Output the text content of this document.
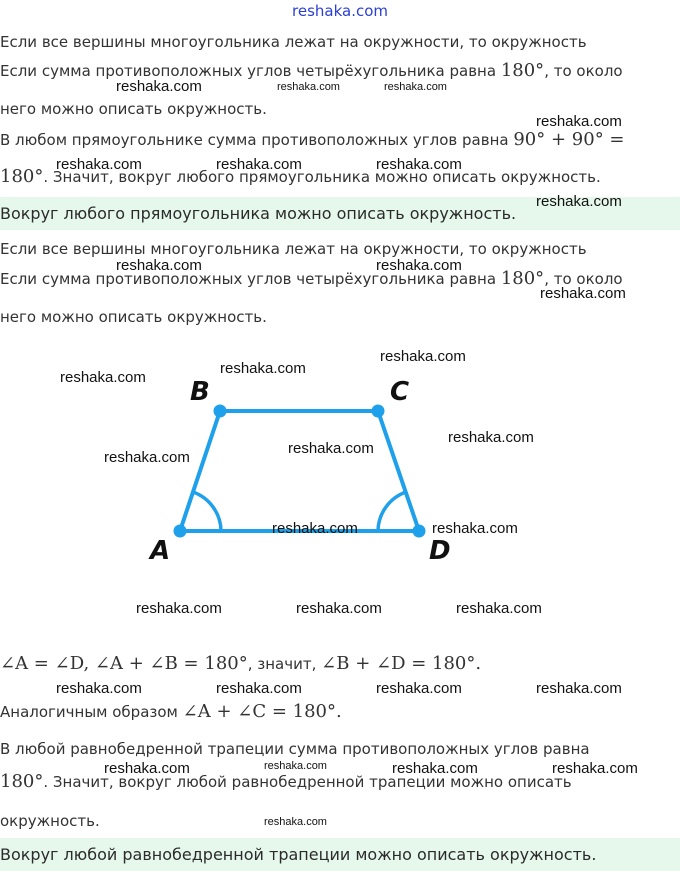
reshaka.com
Если все вершины многоугольника лежат на окружности, то окружность
Если сумма противоположных углов четырёхугольника равна 180°, то около
него можно описать окружность.
В любом прямоугольнике сумма противоположных углов равна 90° + 90° =
180°. Значит, вокруг любого прямоугольника можно описать окружность.
Вокруг любого прямоугольника можно описать окружность.
Если все вершины многоугольника лежат на окружности, то окружность
Если сумма противоположных углов четырёхугольника равна 180°, то около
него можно описать окружность.
A
B	C
D
∠A = ∠D, ∠A + ∠B = 180°, значит, ∠B + ∠D = 180°.
Аналогичным образом ∠A + ∠C = 180°.
В любой равнобедренной трапеции сумма противоположных углов равна
180°. Значит, вокруг любой равнобедренной трапеции можно описать
окружность.
Вокруг любой равнобедренной трапеции можно описать окружность.
reshaka.com
reshaka.com	reshaka.com
reshaka.com	reshaka.com	reshaka.com
reshaka.com
reshaka.com
reshaka.com	reshaka.com
reshaka.com
reshaka.com
reshaka.com
reshaka.com
reshaka.com
reshaka.com
reshaka.com
reshaka.com	reshaka.com
reshaka.com	reshaka.com	reshaka.com
reshaka.com	reshaka.com	reshaka.com	reshaka.com
reshaka.com	reshaka.com	reshaka.com	reshaka.com
reshaka.com
